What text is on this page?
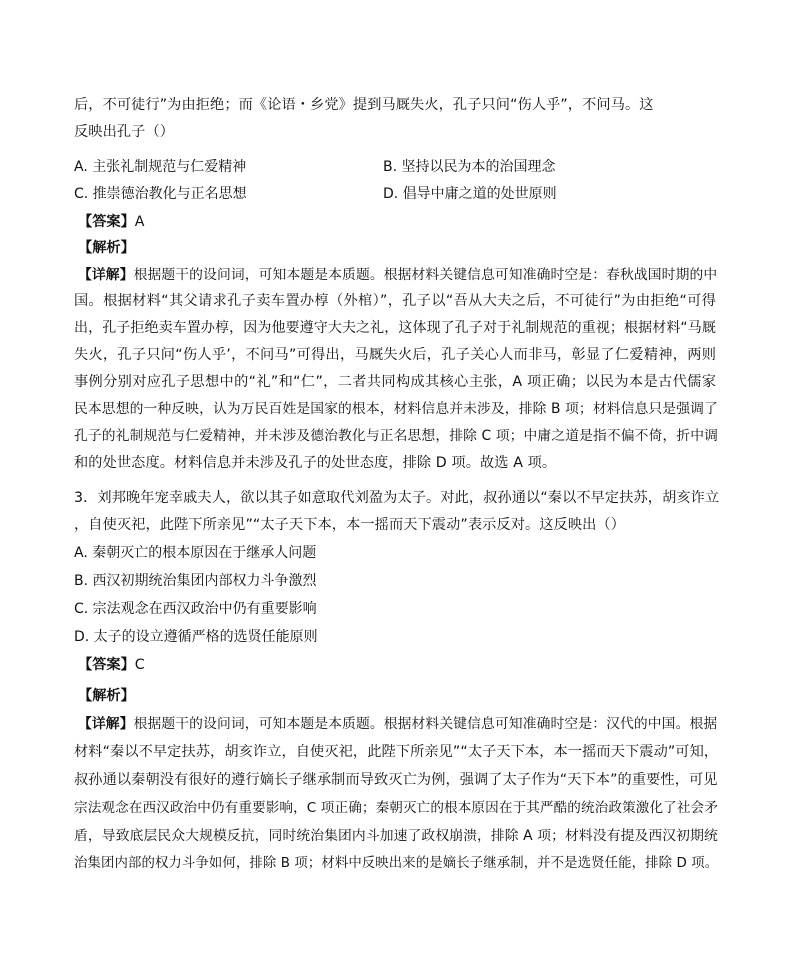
后，不可徒行”为由拒绝；而《论语・乡党》提到马厩失火，孔子只问“伤人乎”，不问马。这
反映出孔子（）
A. 主张礼制规范与仁爱精神	B. 坚持以民为本的治国理念
C. 推崇德治教化与正名思想	D. 倡导中庸之道的处世原则
【答案】A
【解析】
【详解】根据题干的设问词，可知本题是本质题。根据材料关键信息可知准确时空是：春秋战国时期的中
国。根据材料“其父请求孔子卖车置办椁（外棺）”，孔子以“吾从大夫之后，不可徒行”为由拒绝“可得
出，孔子拒绝卖车置办椁，因为他要遵守大夫之礼，这体现了孔子对于礼制规范的重视；根据材料“马厩
失火，孔子只问“伤人乎’，不问马”可得出，马厩失火后，孔子关心人而非马，彰显了仁爱精神，两则
事例分别对应孔子思想中的“礼”和“仁”，二者共同构成其核心主张，A 项正确；以民为本是古代儒家
民本思想的一种反映，认为万民百姓是国家的根本，材料信息并未涉及，排除 B 项；材料信息只是强调了
孔子的礼制规范与仁爱精神，并未涉及德治教化与正名思想，排除 C 项；中庸之道是指不偏不倚，折中调
和的处世态度。材料信息并未涉及孔子的处世态度，排除 D 项。故选 A 项。
3．刘邦晚年宠幸戚夫人，欲以其子如意取代刘盈为太子。对此，叔孙通以“秦以不早定扶苏，胡亥诈立
，自使灭祀，此陛下所亲见”“太子天下本，本一摇而天下震动”表示反对。这反映出（）
A. 秦朝灭亡的根本原因在于继承人问题
B. 西汉初期统治集团内部权力斗争激烈
C. 宗法观念在西汉政治中仍有重要影响
D. 太子的设立遵循严格的选贤任能原则
【答案】C
【解析】
【详解】根据题干的设问词，可知本题是本质题。根据材料关键信息可知准确时空是：汉代的中国。根据
材料“秦以不早定扶苏，胡亥诈立，自使灭祀，此陛下所亲见”“太子天下本，本一摇而天下震动”可知，
叔孙通以秦朝没有很好的遵行嫡长子继承制而导致灭亡为例，强调了太子作为“天下本”的重要性，可见
宗法观念在西汉政治中仍有重要影响，C 项正确；秦朝灭亡的根本原因在于其严酷的统治政策激化了社会矛
盾，导致底层民众大规模反抗，同时统治集团内斗加速了政权崩溃，排除 A 项；材料没有提及西汉初期统
治集团内部的权力斗争如何，排除 B 项；材料中反映出来的是嫡长子继承制，并不是选贤任能，排除 D 项。
